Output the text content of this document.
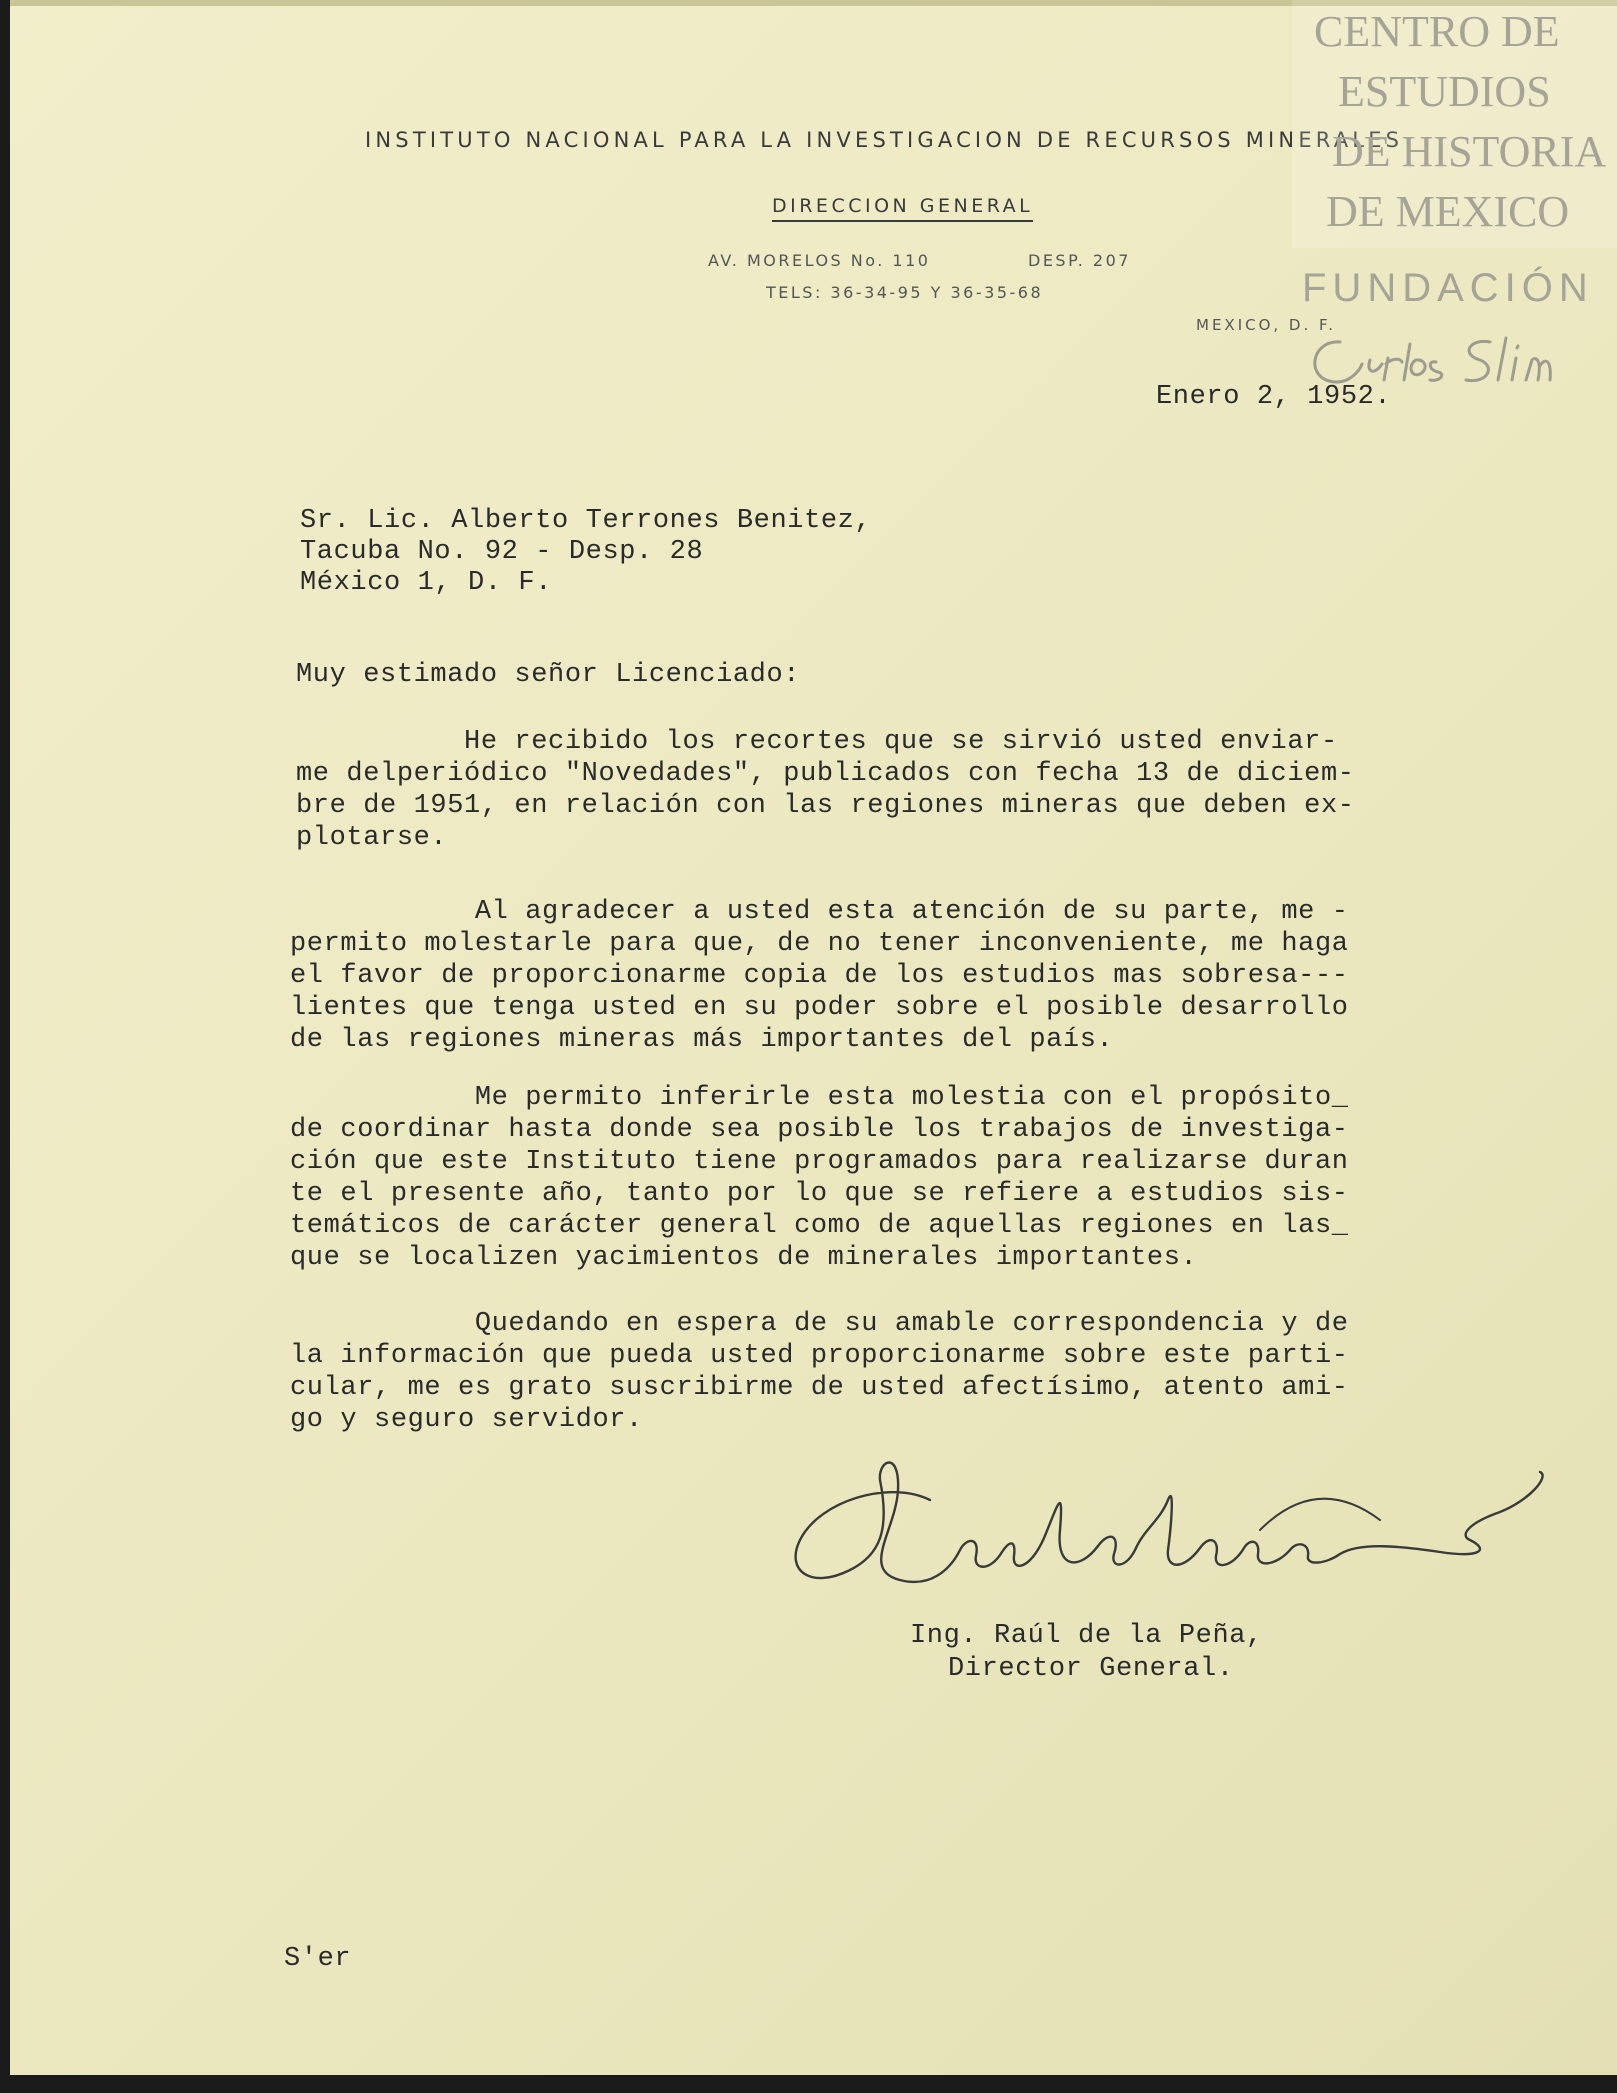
INSTITUTO NACIONAL PARA LA INVESTIGACION DE RECURSOS MINERALES
DIRECCION GENERAL
AV. MORELOS No. 110	DESP. 207
TELS: 36-34-95 Y 36-35-68
MEXICO, D. F.
CENTRO DE
ESTUDIOS
DE HISTORIA
DE MEXICO
FUNDACIÓN
Enero 2, 1952.
Sr. Lic. Alberto Terrones Benitez,
Tacuba No. 92 - Desp. 28
México 1, D. F.
Muy estimado señor Licenciado:
He recibido los recortes que se sirvió usted enviar-
me delperiódico "Novedades", publicados con fecha 13 de diciem-
bre de 1951, en relación con las regiones mineras que deben ex-
plotarse.
Al agradecer a usted esta atención de su parte, me -
permito molestarle para que, de no tener inconveniente, me haga
el favor de proporcionarme copia de los estudios mas sobresa---
lientes que tenga usted en su poder sobre el posible desarrollo
de las regiones mineras más importantes del país.
Me permito inferirle esta molestia con el propósito_
de coordinar hasta donde sea posible los trabajos de investiga-
ción que este Instituto tiene programados para realizarse duran
te el presente año, tanto por lo que se refiere a estudios sis-
temáticos de carácter general como de aquellas regiones en las_
que se localizen yacimientos de minerales importantes.
Quedando en espera de su amable correspondencia y de
la información que pueda usted proporcionarme sobre este parti-
cular, me es grato suscribirme de usted afectísimo, atento ami-
go y seguro servidor.
Ing. Raúl de la Peña,
Director General.
S'er
